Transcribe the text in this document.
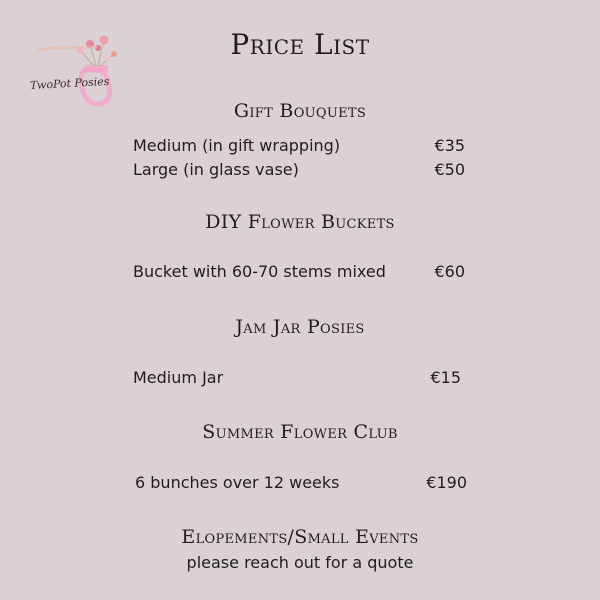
TwoPot Posies
Price List
Gift Bouquets
Medium (in gift wrapping)	€35
Large (in glass vase)	€50
DIY Flower Buckets
Bucket with 60-70 stems mixed	€60
Jam Jar Posies
Medium Jar	€15
Summer Flower Club
6 bunches over 12 weeks	€190
Elopements/Small Events
please reach out for a quote
